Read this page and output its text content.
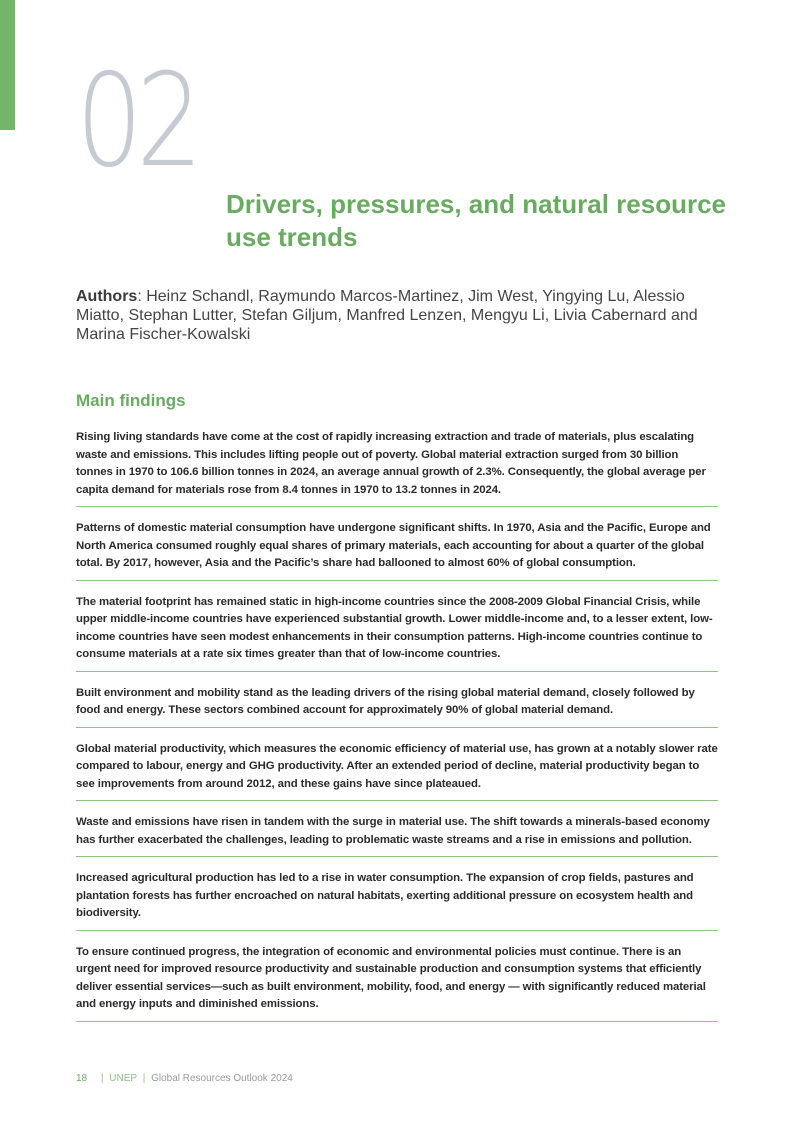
02
Drivers, pressures, and natural resource use trends

Authors: Heinz Schandl, Raymundo Marcos-Martinez, Jim West, Yingying Lu, Alessio Miatto, Stephan Lutter, Stefan Giljum, Manfred Lenzen, Mengyu Li, Livia Cabernard and Marina Fischer-Kowalski

Main findings

Rising living standards have come at the cost of rapidly increasing extraction and trade of materials, plus escalating waste and emissions. This includes lifting people out of poverty. Global material extraction surged from 30 billion tonnes in 1970 to 106.6 billion tonnes in 2024, an average annual growth of 2.3%. Consequently, the global average per capita demand for materials rose from 8.4 tonnes in 1970 to 13.2 tonnes in 2024.

Patterns of domestic material consumption have undergone significant shifts. In 1970, Asia and the Pacific, Europe and North America consumed roughly equal shares of primary materials, each accounting for about a quarter of the global total. By 2017, however, Asia and the Pacific’s share had ballooned to almost 60% of global consumption.

The material footprint has remained static in high-income countries since the 2008-2009 Global Financial Crisis, while upper middle-income countries have experienced substantial growth. Lower middle-income and, to a lesser extent, low-income countries have seen modest enhancements in their consumption patterns. High-income countries continue to consume materials at a rate six times greater than that of low-income countries.

Built environment and mobility stand as the leading drivers of the rising global material demand, closely followed by food and energy. These sectors combined account for approximately 90% of global material demand.

Global material productivity, which measures the economic efficiency of material use, has grown at a notably slower rate compared to labour, energy and GHG productivity. After an extended period of decline, material productivity began to see improvements from around 2012, and these gains have since plateaued.

Waste and emissions have risen in tandem with the surge in material use. The shift towards a minerals-based economy has further exacerbated the challenges, leading to problematic waste streams and a rise in emissions and pollution.

Increased agricultural production has led to a rise in water consumption. The expansion of crop fields, pastures and plantation forests has further encroached on natural habitats, exerting additional pressure on ecosystem health and biodiversity.

To ensure continued progress, the integration of economic and environmental policies must continue. There is an urgent need for improved resource productivity and sustainable production and consumption systems that efficiently deliver essential services—such as built environment, mobility, food, and energy — with significantly reduced material and energy inputs and diminished emissions.

18 | UNEP | Global Resources Outlook 2024
